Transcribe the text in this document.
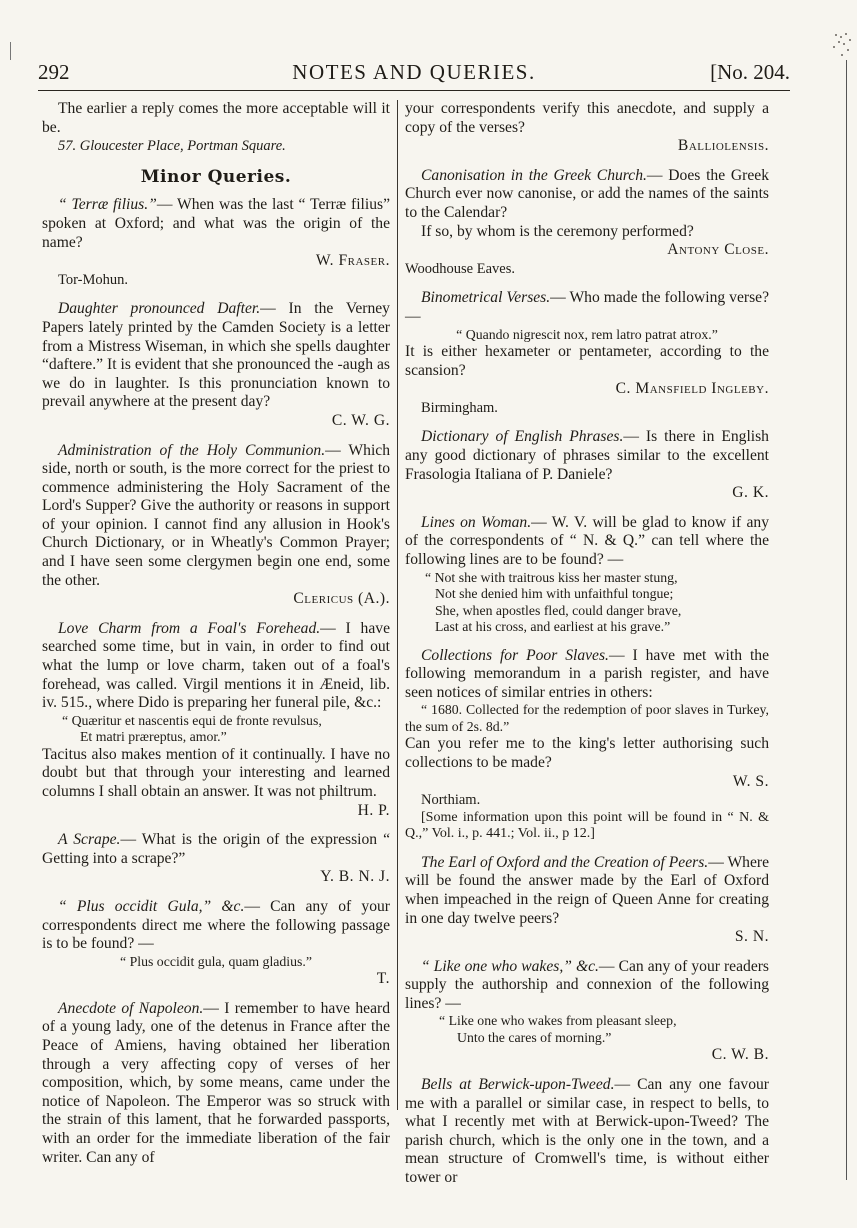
292	NOTES AND QUERIES.	[No. 204.

The earlier a reply comes the more acceptable will it be.

57. Gloucester Place, Portman Square.

Minor Queries.

“ Terræ filius.”— When was the last “ Terræ filius” spoken at Oxford; and what was the origin of the name?

W. Fraser.

Tor-Mohun.

Daughter pronounced Dafter.— In the Verney Papers lately printed by the Camden Society is a letter from a Mistress Wiseman, in which she spells daughter “daftere.” It is evident that she pronounced the -augh as we do in laughter. Is this pronunciation known to prevail anywhere at the present day?

C. W. G.

Administration of the Holy Communion.— Which side, north or south, is the more correct for the priest to commence administering the Holy Sacrament of the Lord's Supper? Give the authority or reasons in support of your opinion. I cannot find any allusion in Hook's Church Dictionary, or in Wheatly's Common Prayer; and I have seen some clergymen begin one end, some the other.

Clericus (A.).

Love Charm from a Foal's Forehead.— I have searched some time, but in vain, in order to find out what the lump or love charm, taken out of a foal's forehead, was called. Virgil mentions it in Æneid, lib. iv. 515., where Dido is preparing her funeral pile, &c.:

“ Quæritur et nascentis equi de fronte revulsus,

Et matri præreptus, amor.”

Tacitus also makes mention of it continually. I have no doubt but that through your interesting and learned columns I shall obtain an answer. It was not philtrum.

H. P.

A Scrape.— What is the origin of the expression “ Getting into a scrape?”

Y. B. N. J.

“ Plus occidit Gula,” &c.— Can any of your correspondents direct me where the following passage is to be found? —

“ Plus occidit gula, quam gladius.”

T.

Anecdote of Napoleon.— I remember to have heard of a young lady, one of the detenus in France after the Peace of Amiens, having obtained her liberation through a very affecting copy of verses of her composition, which, by some means, came under the notice of Napoleon. The Emperor was so struck with the strain of this lament, that he forwarded passports, with an order for the immediate liberation of the fair writer. Can any of

your correspondents verify this anecdote, and supply a copy of the verses?

Balliolensis.

Canonisation in the Greek Church.— Does the Greek Church ever now canonise, or add the names of the saints to the Calendar?

If so, by whom is the ceremony performed?

Antony Close.

Woodhouse Eaves.

Binometrical Verses.— Who made the following verse? —

“ Quando nigrescit nox, rem latro patrat atrox.”

It is either hexameter or pentameter, according to the scansion?

C. Mansfield Ingleby.

Birmingham.

Dictionary of English Phrases.— Is there in English any good dictionary of phrases similar to the excellent Frasologia Italiana of P. Daniele?

G. K.

Lines on Woman.— W. V. will be glad to know if any of the correspondents of “ N. & Q.” can tell where the following lines are to be found? —

“ Not she with traitrous kiss her master stung,

Not she denied him with unfaithful tongue;

She, when apostles fled, could danger brave,

Last at his cross, and earliest at his grave.”

Collections for Poor Slaves.— I have met with the following memorandum in a parish register, and have seen notices of similar entries in others:

“ 1680. Collected for the redemption of poor slaves in Turkey, the sum of 2s. 8d.”

Can you refer me to the king's letter authorising such collections to be made?

W. S.

Northiam.

[Some information upon this point will be found in “ N. & Q.,” Vol. i., p. 441.; Vol. ii., p 12.]

The Earl of Oxford and the Creation of Peers.— Where will be found the answer made by the Earl of Oxford when impeached in the reign of Queen Anne for creating in one day twelve peers?

S. N.

“ Like one who wakes,” &c.— Can any of your readers supply the authorship and connexion of the following lines? —

“ Like one who wakes from pleasant sleep,

Unto the cares of morning.”

C. W. B.

Bells at Berwick-upon-Tweed.— Can any one favour me with a parallel or similar case, in respect to bells, to what I recently met with at Berwick-upon-Tweed? The parish church, which is the only one in the town, and a mean structure of Cromwell's time, is without either tower or
